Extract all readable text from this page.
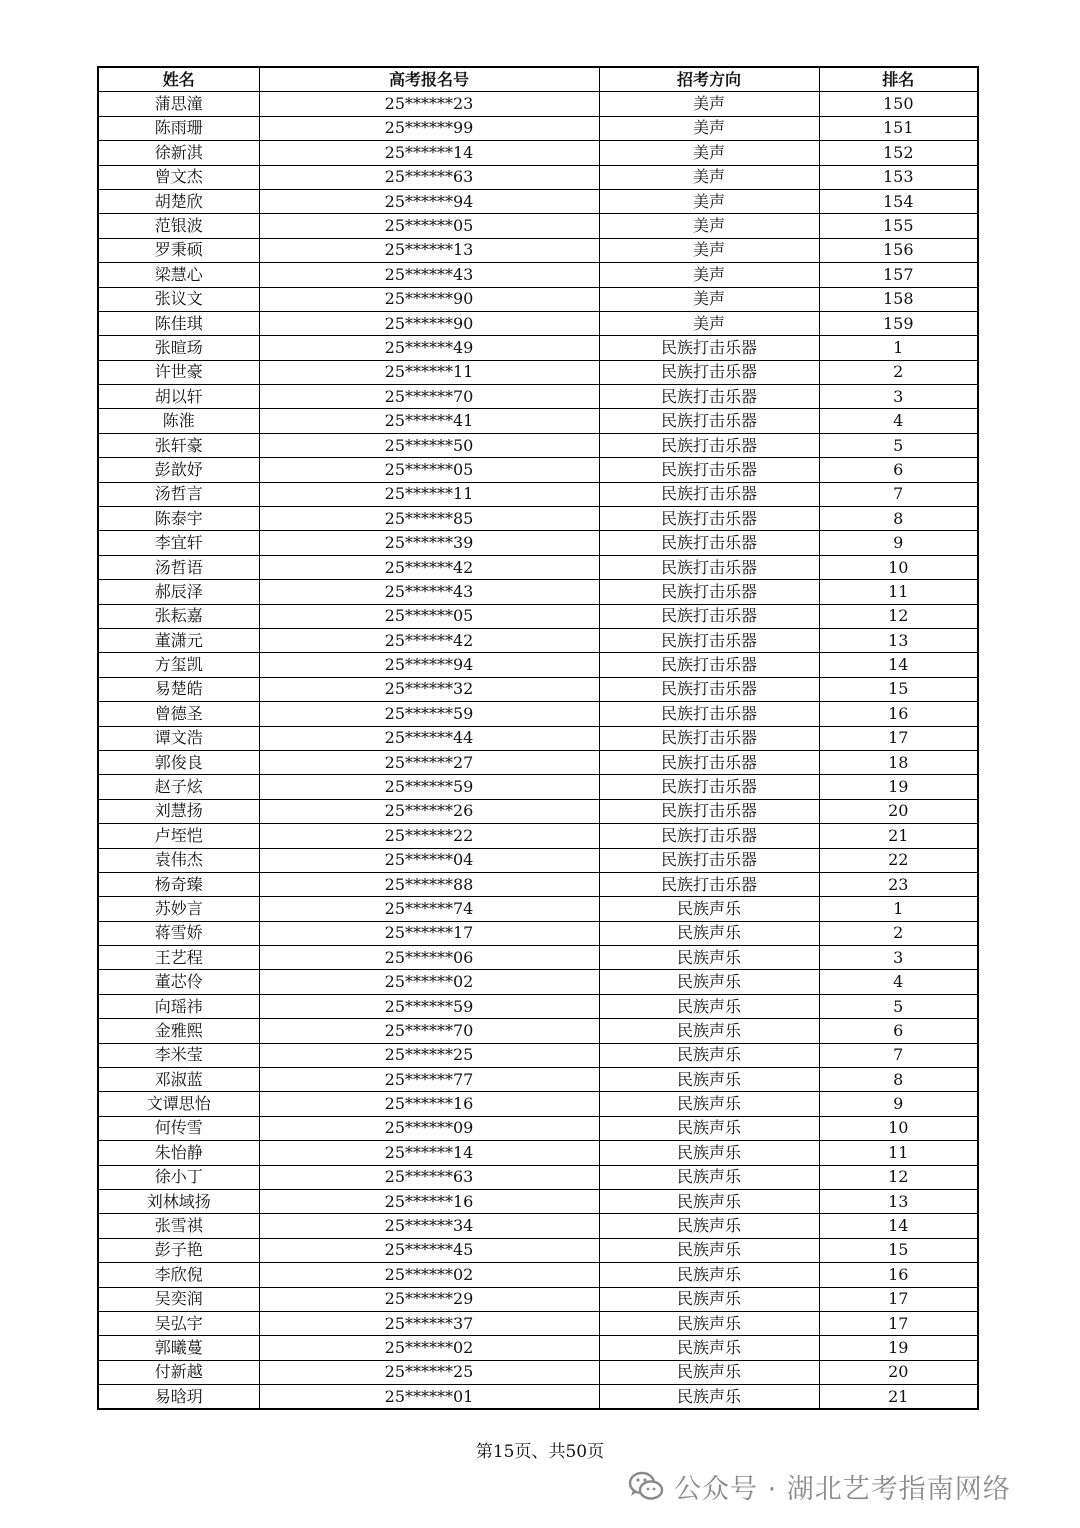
姓名	高考报名号	招考方向	排名
蒲思潼	25******23	美声	150
陈雨珊	25******99	美声	151
徐新淇	25******14	美声	152
曾文杰	25******63	美声	153
胡楚欣	25******94	美声	154
范银波	25******05	美声	155
罗秉硕	25******13	美声	156
梁慧心	25******43	美声	157
张议文	25******90	美声	158
陈佳琪	25******90	美声	159
张暄玚	25******49	民族打击乐器	1
许世豪	25******11	民族打击乐器	2
胡以轩	25******70	民族打击乐器	3
陈淮	25******41	民族打击乐器	4
张轩豪	25******50	民族打击乐器	5
彭歆妤	25******05	民族打击乐器	6
汤哲言	25******11	民族打击乐器	7
陈泰宇	25******85	民族打击乐器	8
李宜轩	25******39	民族打击乐器	9
汤哲语	25******42	民族打击乐器	10
郝辰泽	25******43	民族打击乐器	11
张耘嘉	25******05	民族打击乐器	12
董潇元	25******42	民族打击乐器	13
方玺凯	25******94	民族打击乐器	14
易楚皓	25******32	民族打击乐器	15
曾德圣	25******59	民族打击乐器	16
谭文浩	25******44	民族打击乐器	17
郭俊良	25******27	民族打击乐器	18
赵子炫	25******59	民族打击乐器	19
刘慧扬	25******26	民族打击乐器	20
卢垤恺	25******22	民族打击乐器	21
袁伟杰	25******04	民族打击乐器	22
杨奇臻	25******88	民族打击乐器	23
苏妙言	25******74	民族声乐	1
蒋雪娇	25******17	民族声乐	2
王艺程	25******06	民族声乐	3
董芯伶	25******02	民族声乐	4
向瑶祎	25******59	民族声乐	5
金雅熙	25******70	民族声乐	6
李米莹	25******25	民族声乐	7
邓淑蓝	25******77	民族声乐	8
文谭思怡	25******16	民族声乐	9
何传雪	25******09	民族声乐	10
朱怡静	25******14	民族声乐	11
徐小丁	25******63	民族声乐	12
刘林域扬	25******16	民族声乐	13
张雪祺	25******34	民族声乐	14
彭子艳	25******45	民族声乐	15
李欣倪	25******02	民族声乐	16
吴奕润	25******29	民族声乐	17
吴弘宇	25******37	民族声乐	17
郭曦蔓	25******02	民族声乐	19
付新越	25******25	民族声乐	20
易晗玥	25******01	民族声乐	21
第15页、共50页
公众号 · 湖北艺考指南网络
